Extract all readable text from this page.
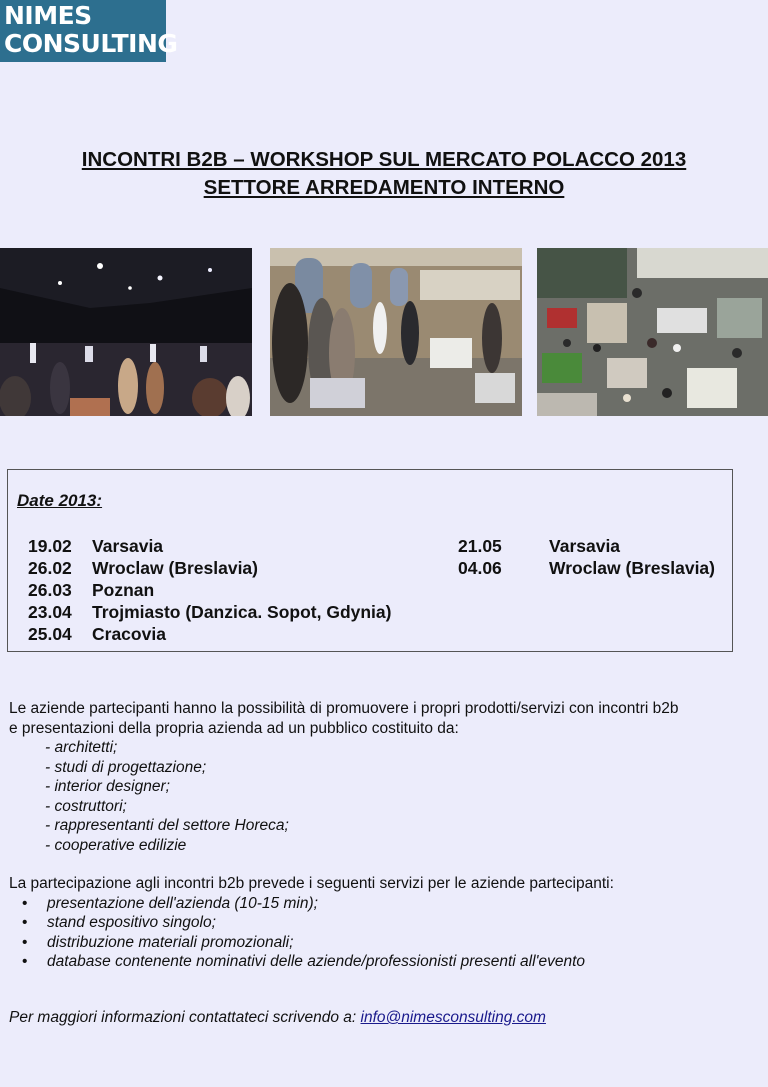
NIMES
CONSULTING
INCONTRI B2B – WORKSHOP SUL MERCATO POLACCO 2013
SETTORE ARREDAMENTO INTERNO
Date 2013:
19.02 Varsavia
26.02 Wroclaw (Breslavia)
26.03 Poznan
23.04 Trojmiasto (Danzica. Sopot, Gdynia)
25.04 Cracovia
21.05	Varsavia
04.06	Wroclaw (Breslavia)
Le aziende partecipanti hanno la possibilità di promuovere i propri prodotti/servizi con incontri b2b
e presentazioni della propria azienda ad un pubblico costituito da:
- architetti;
- studi di progettazione;
- interior designer;
- costruttori;
- rappresentanti del settore Horeca;
- cooperative edilizie
La partecipazione agli incontri b2b prevede i seguenti servizi per le aziende partecipanti:
• presentazione dell'azienda (10-15 min);
• stand espositivo singolo;
• distribuzione materiali promozionali;
• database contenente nominativi delle aziende/professionisti presenti all'evento
Per maggiori informazioni contattateci scrivendo a: info@nimesconsulting.com
